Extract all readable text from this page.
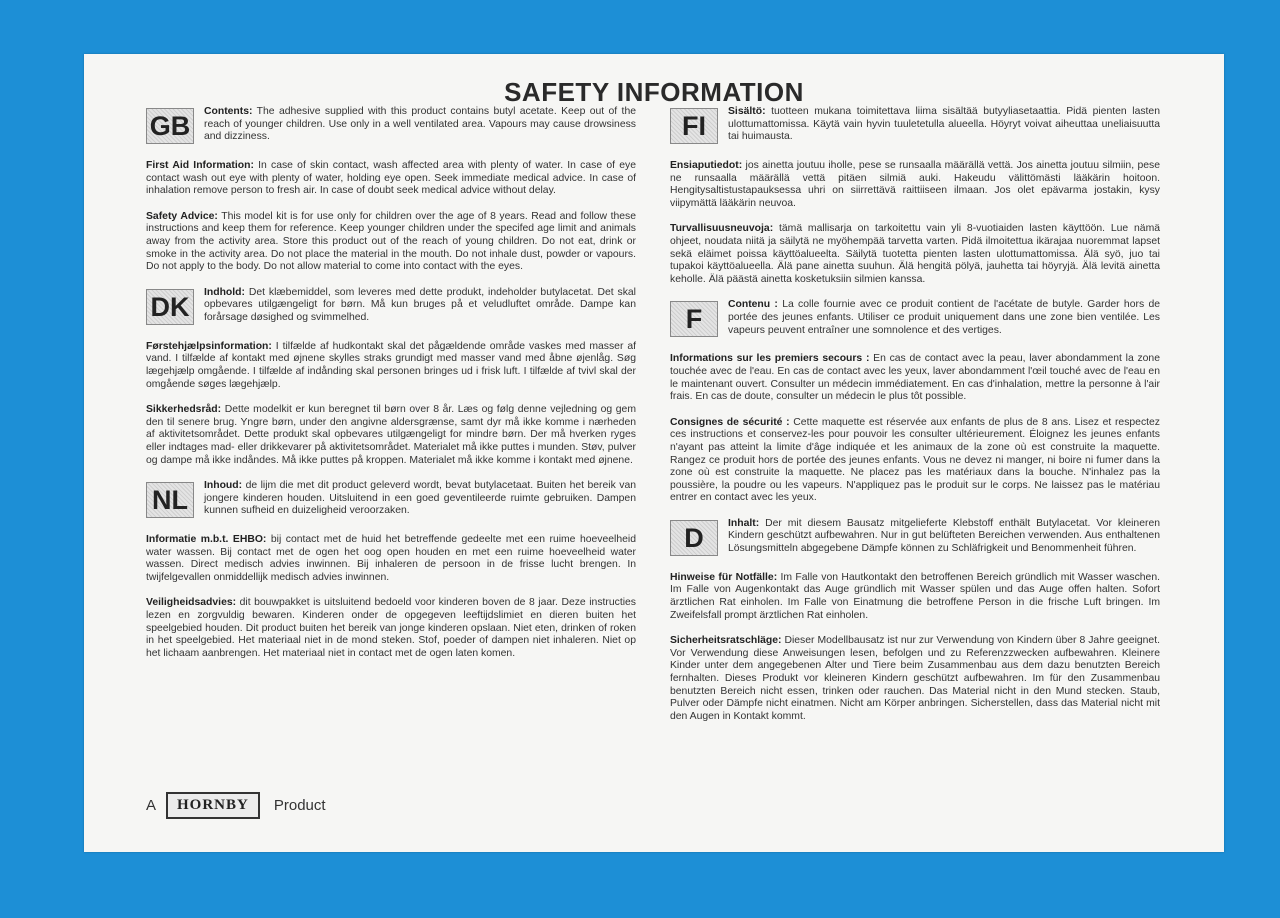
SAFETY INFORMATION
GB	Contents: The adhesive supplied with this product contains butyl acetate. Keep out of the reach of younger children. Use only in a well ventilated area. Vapours may cause drowsiness and dizziness.

First Aid Information: In case of skin contact, wash affected area with plenty of water. In case of eye contact wash out eye with plenty of water, holding eye open. Seek immediate medical advice. In case of inhalation remove person to fresh air. In case of doubt seek medical advice without delay.

Safety Advice: This model kit is for use only for children over the age of 8 years. Read and follow these instructions and keep them for reference. Keep younger children under the specifed age limit and animals away from the activity area. Store this product out of the reach of young children. Do not eat, drink or smoke in the activity area. Do not place the material in the mouth. Do not inhale dust, powder or vapours. Do not apply to the body. Do not allow material to come into contact with the eyes.

DK	Indhold: Det klæbemiddel, som leveres med dette produkt, indeholder butylacetat. Det skal opbevares utilgængeligt for børn. Må kun bruges på et veludluftet område. Dampe kan forårsage døsighed og svimmelhed.

Førstehjælpsinformation: I tilfælde af hudkontakt skal det pågældende område vaskes med masser af vand. I tilfælde af kontakt med øjnene skylles straks grundigt med masser vand med åbne øjenlåg. Søg lægehjælp omgående. I tilfælde af indånding skal personen bringes ud i frisk luft. I tilfælde af tvivl skal der omgående søges lægehjælp.

Sikkerhedsråd: Dette modelkit er kun beregnet til børn over 8 år. Læs og følg denne vejledning og gem den til senere brug. Yngre børn, under den angivne aldersgrænse, samt dyr må ikke komme i nærheden af aktivitetsområdet. Dette produkt skal opbevares utilgængeligt for mindre børn. Der må hverken ryges eller indtages mad- eller drikkevarer på aktivitetsområdet. Materialet må ikke puttes i munden. Støv, pulver og dampe må ikke indåndes. Må ikke puttes på kroppen. Materialet må ikke komme i kontakt med øjnene.

NL	Inhoud: de lijm die met dit product geleverd wordt, bevat butylacetaat. Buiten het bereik van jongere kinderen houden. Uitsluitend in een goed geventileerde ruimte gebruiken. Dampen kunnen sufheid en duizeligheid veroorzaken.

Informatie m.b.t. EHBO: bij contact met de huid het betreffende gedeelte met een ruime hoeveelheid water wassen. Bij contact met de ogen het oog open houden en met een ruime hoeveelheid water wassen. Direct medisch advies inwinnen. Bij inhaleren de persoon in de frisse lucht brengen. In twijfelgevallen onmiddellijk medisch advies inwinnen.

Veiligheidsadvies: dit bouwpakket is uitsluitend bedoeld voor kinderen boven de 8 jaar. Deze instructies lezen en zorgvuldig bewaren. Kinderen onder de opgegeven leeftijdslimiet en dieren buiten het speelgebied houden. Dit product buiten het bereik van jonge kinderen opslaan. Niet eten, drinken of roken in het speelgebied. Het materiaal niet in de mond steken. Stof, poeder of dampen niet inhaleren. Niet op het lichaam aanbrengen. Het materiaal niet in contact met de ogen laten komen.

FI	Sisältö: tuotteen mukana toimitettava liima sisältää butyyliasetaattia. Pidä pienten lasten ulottumattomissa. Käytä vain hyvin tuuletetulla alueella. Höyryt voivat aiheuttaa uneliaisuutta tai huimausta.

Ensiaputiedot: jos ainetta joutuu iholle, pese se runsaalla määrällä vettä. Jos ainetta joutuu silmiin, pese ne runsaalla määrällä vettä pitäen silmiä auki. Hakeudu välittömästi lääkärin hoitoon. Hengitysaltistustapauksessa uhri on siirrettävä raittiiseen ilmaan. Jos olet epävarma jostakin, kysy viipymättä lääkärin neuvoa.

Turvallisuusneuvoja: tämä mallisarja on tarkoitettu vain yli 8-vuotiaiden lasten käyttöön. Lue nämä ohjeet, noudata niitä ja säilytä ne myöhempää tarvetta varten. Pidä ilmoitettua ikärajaa nuoremmat lapset sekä eläimet poissa käyttöalueelta. Säilytä tuotetta pienten lasten ulottumattomissa. Älä syö, juo tai tupakoi käyttöalueella. Älä pane ainetta suuhun. Älä hengitä pölyä, jauhetta tai höyryjä. Älä levitä ainetta keholle. Älä päästä ainetta kosketuksiin silmien kanssa.

F	Contenu : La colle fournie avec ce produit contient de l'acétate de butyle. Garder hors de portée des jeunes enfants. Utiliser ce produit uniquement dans une zone bien ventilée. Les vapeurs peuvent entraîner une somnolence et des vertiges.

Informations sur les premiers secours : En cas de contact avec la peau, laver abondamment la zone touchée avec de l'eau. En cas de contact avec les yeux, laver abondamment l'œil touché avec de l'eau en le maintenant ouvert. Consulter un médecin immédiatement. En cas d'inhalation, mettre la personne à l'air frais. En cas de doute, consulter un médecin le plus tôt possible.

Consignes de sécurité : Cette maquette est réservée aux enfants de plus de 8 ans. Lisez et respectez ces instructions et conservez-les pour pouvoir les consulter ultérieurement. Éloignez les jeunes enfants n'ayant pas atteint la limite d'âge indiquée et les animaux de la zone où est construite la maquette. Rangez ce produit hors de portée des jeunes enfants. Vous ne devez ni manger, ni boire ni fumer dans la zone où est construite la maquette. Ne placez pas les matériaux dans la bouche. N'inhalez pas la poussière, la poudre ou les vapeurs. N'appliquez pas le produit sur le corps. Ne laissez pas le matériau entrer en contact avec les yeux.

D	Inhalt: Der mit diesem Bausatz mitgelieferte Klebstoff enthält Butylacetat. Vor kleineren Kindern geschützt aufbewahren. Nur in gut belüfteten Bereichen verwenden. Aus enthaltenen Lösungsmitteln abgegebene Dämpfe können zu Schläfrigkeit und Benommenheit führen.

Hinweise für Notfälle: Im Falle von Hautkontakt den betroffenen Bereich gründlich mit Wasser waschen. Im Falle von Augenkontakt das Auge gründlich mit Wasser spülen und das Auge offen halten. Sofort ärztlichen Rat einholen. Im Falle von Einatmung die betroffene Person in die frische Luft bringen. Im Zweifelsfall prompt ärztlichen Rat einholen.

Sicherheitsratschläge: Dieser Modellbausatz ist nur zur Verwendung von Kindern über 8 Jahre geeignet. Vor Verwendung diese Anweisungen lesen, befolgen und zu Referenzzwecken aufbewahren. Kleinere Kinder unter dem angegebenen Alter und Tiere beim Zusammenbau aus dem dazu benutzten Bereich fernhalten. Dieses Produkt vor kleineren Kindern geschützt aufbewahren. Im für den Zusammenbau benutzten Bereich nicht essen, trinken oder rauchen. Das Material nicht in den Mund stecken. Staub, Pulver oder Dämpfe nicht einatmen. Nicht am Körper anbringen. Sicherstellen, dass das Material nicht mit den Augen in Kontakt kommt.

A	HORNBY	Product
